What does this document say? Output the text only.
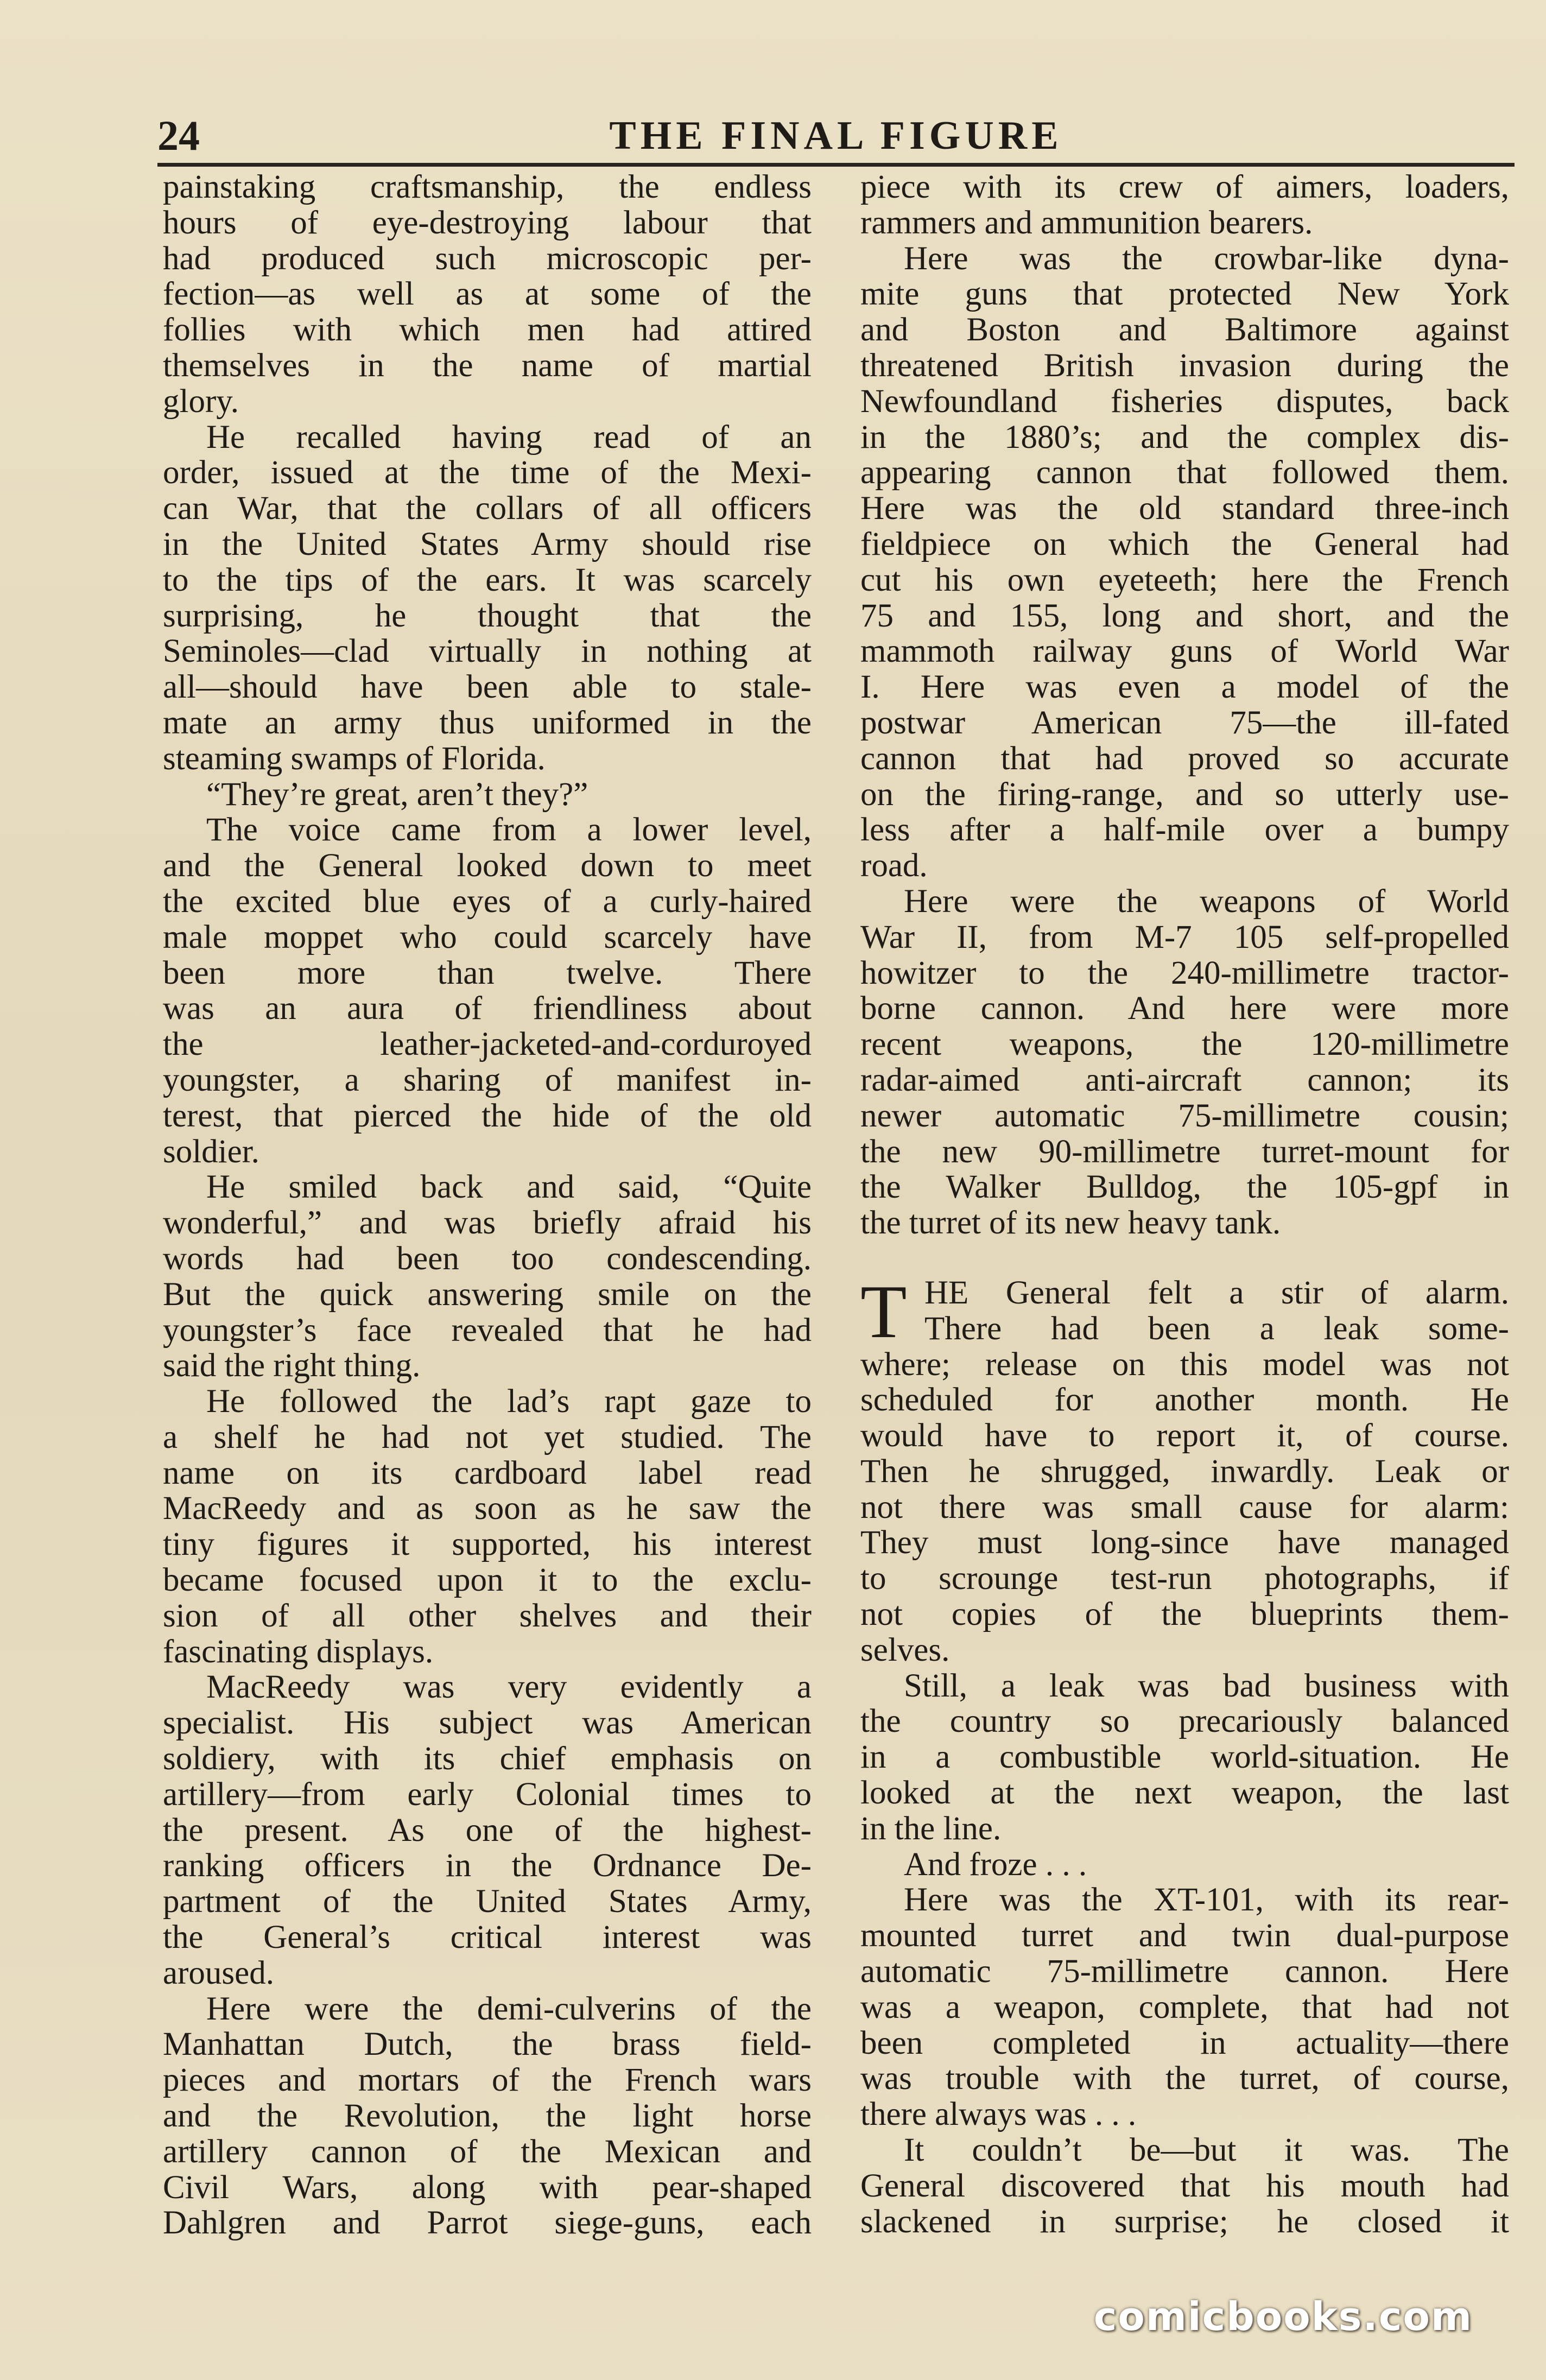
24	THE FINAL FIGURE
painstaking craftsmanship, the endless
hours of eye-destroying labour that
had produced such microscopic per-
fection—as well as at some of the
follies with which men had attired
themselves in the name of martial
glory.
He recalled having read of an
order, issued at the time of the Mexi-
can War, that the collars of all officers
in the United States Army should rise
to the tips of the ears. It was scarcely
surprising, he thought that the
Seminoles—clad virtually in nothing at
all—should have been able to stale-
mate an army thus uniformed in the
steaming swamps of Florida.
“They’re great, aren’t they?”
The voice came from a lower level,
and the General looked down to meet
the excited blue eyes of a curly-haired
male moppet who could scarcely have
been more than twelve. There
was an aura of friendliness about
the leather-jacketed-and-corduroyed
youngster, a sharing of manifest in-
terest, that pierced the hide of the old
soldier.
He smiled back and said, “Quite
wonderful,” and was briefly afraid his
words had been too condescending.
But the quick answering smile on the
youngster’s face revealed that he had
said the right thing.
He followed the lad’s rapt gaze to
a shelf he had not yet studied. The
name on its cardboard label read
MacReedy and as soon as he saw the
tiny figures it supported, his interest
became focused upon it to the exclu-
sion of all other shelves and their
fascinating displays.
MacReedy was very evidently a
specialist. His subject was American
soldiery, with its chief emphasis on
artillery—from early Colonial times to
the present. As one of the highest-
ranking officers in the Ordnance De-
partment of the United States Army,
the General’s critical interest was
aroused.
Here were the demi-culverins of the
Manhattan Dutch, the brass field-
pieces and mortars of the French wars
and the Revolution, the light horse
artillery cannon of the Mexican and
Civil Wars, along with pear-shaped
Dahlgren and Parrot siege-guns, each
piece with its crew of aimers, loaders,
rammers and ammunition bearers.
Here was the crowbar-like dyna-
mite guns that protected New York
and Boston and Baltimore against
threatened British invasion during the
Newfoundland fisheries disputes, back
in the 1880’s; and the complex dis-
appearing cannon that followed them.
Here was the old standard three-inch
fieldpiece on which the General had
cut his own eyeteeth; here the French
75 and 155, long and short, and the
mammoth railway guns of World War
I. Here was even a model of the
postwar American 75—the ill-fated
cannon that had proved so accurate
on the firing-range, and so utterly use-
less after a half-mile over a bumpy
road.
Here were the weapons of World
War II, from M-7 105 self-propelled
howitzer to the 240-millimetre tractor-
borne cannon. And here were more
recent weapons, the 120-millimetre
radar-aimed anti-aircraft cannon; its
newer automatic 75-millimetre cousin;
the new 90-millimetre turret-mount for
the Walker Bulldog, the 105-gpf in
the turret of its new heavy tank.
T HE General felt a stir of alarm.
There had been a leak some-
where; release on this model was not
scheduled for another month. He
would have to report it, of course.
Then he shrugged, inwardly. Leak or
not there was small cause for alarm:
They must long-since have managed
to scrounge test-run photographs, if
not copies of the blueprints them-
selves.
Still, a leak was bad business with
the country so precariously balanced
in a combustible world-situation. He
looked at the next weapon, the last
in the line.
And froze . . .
Here was the XT-101, with its rear-
mounted turret and twin dual-purpose
automatic 75-millimetre cannon. Here
was a weapon, complete, that had not
been completed in actuality—there
was trouble with the turret, of course,
there always was . . .
It couldn’t be—but it was. The
General discovered that his mouth had
slackened in surprise; he closed it
comicbooks.com
